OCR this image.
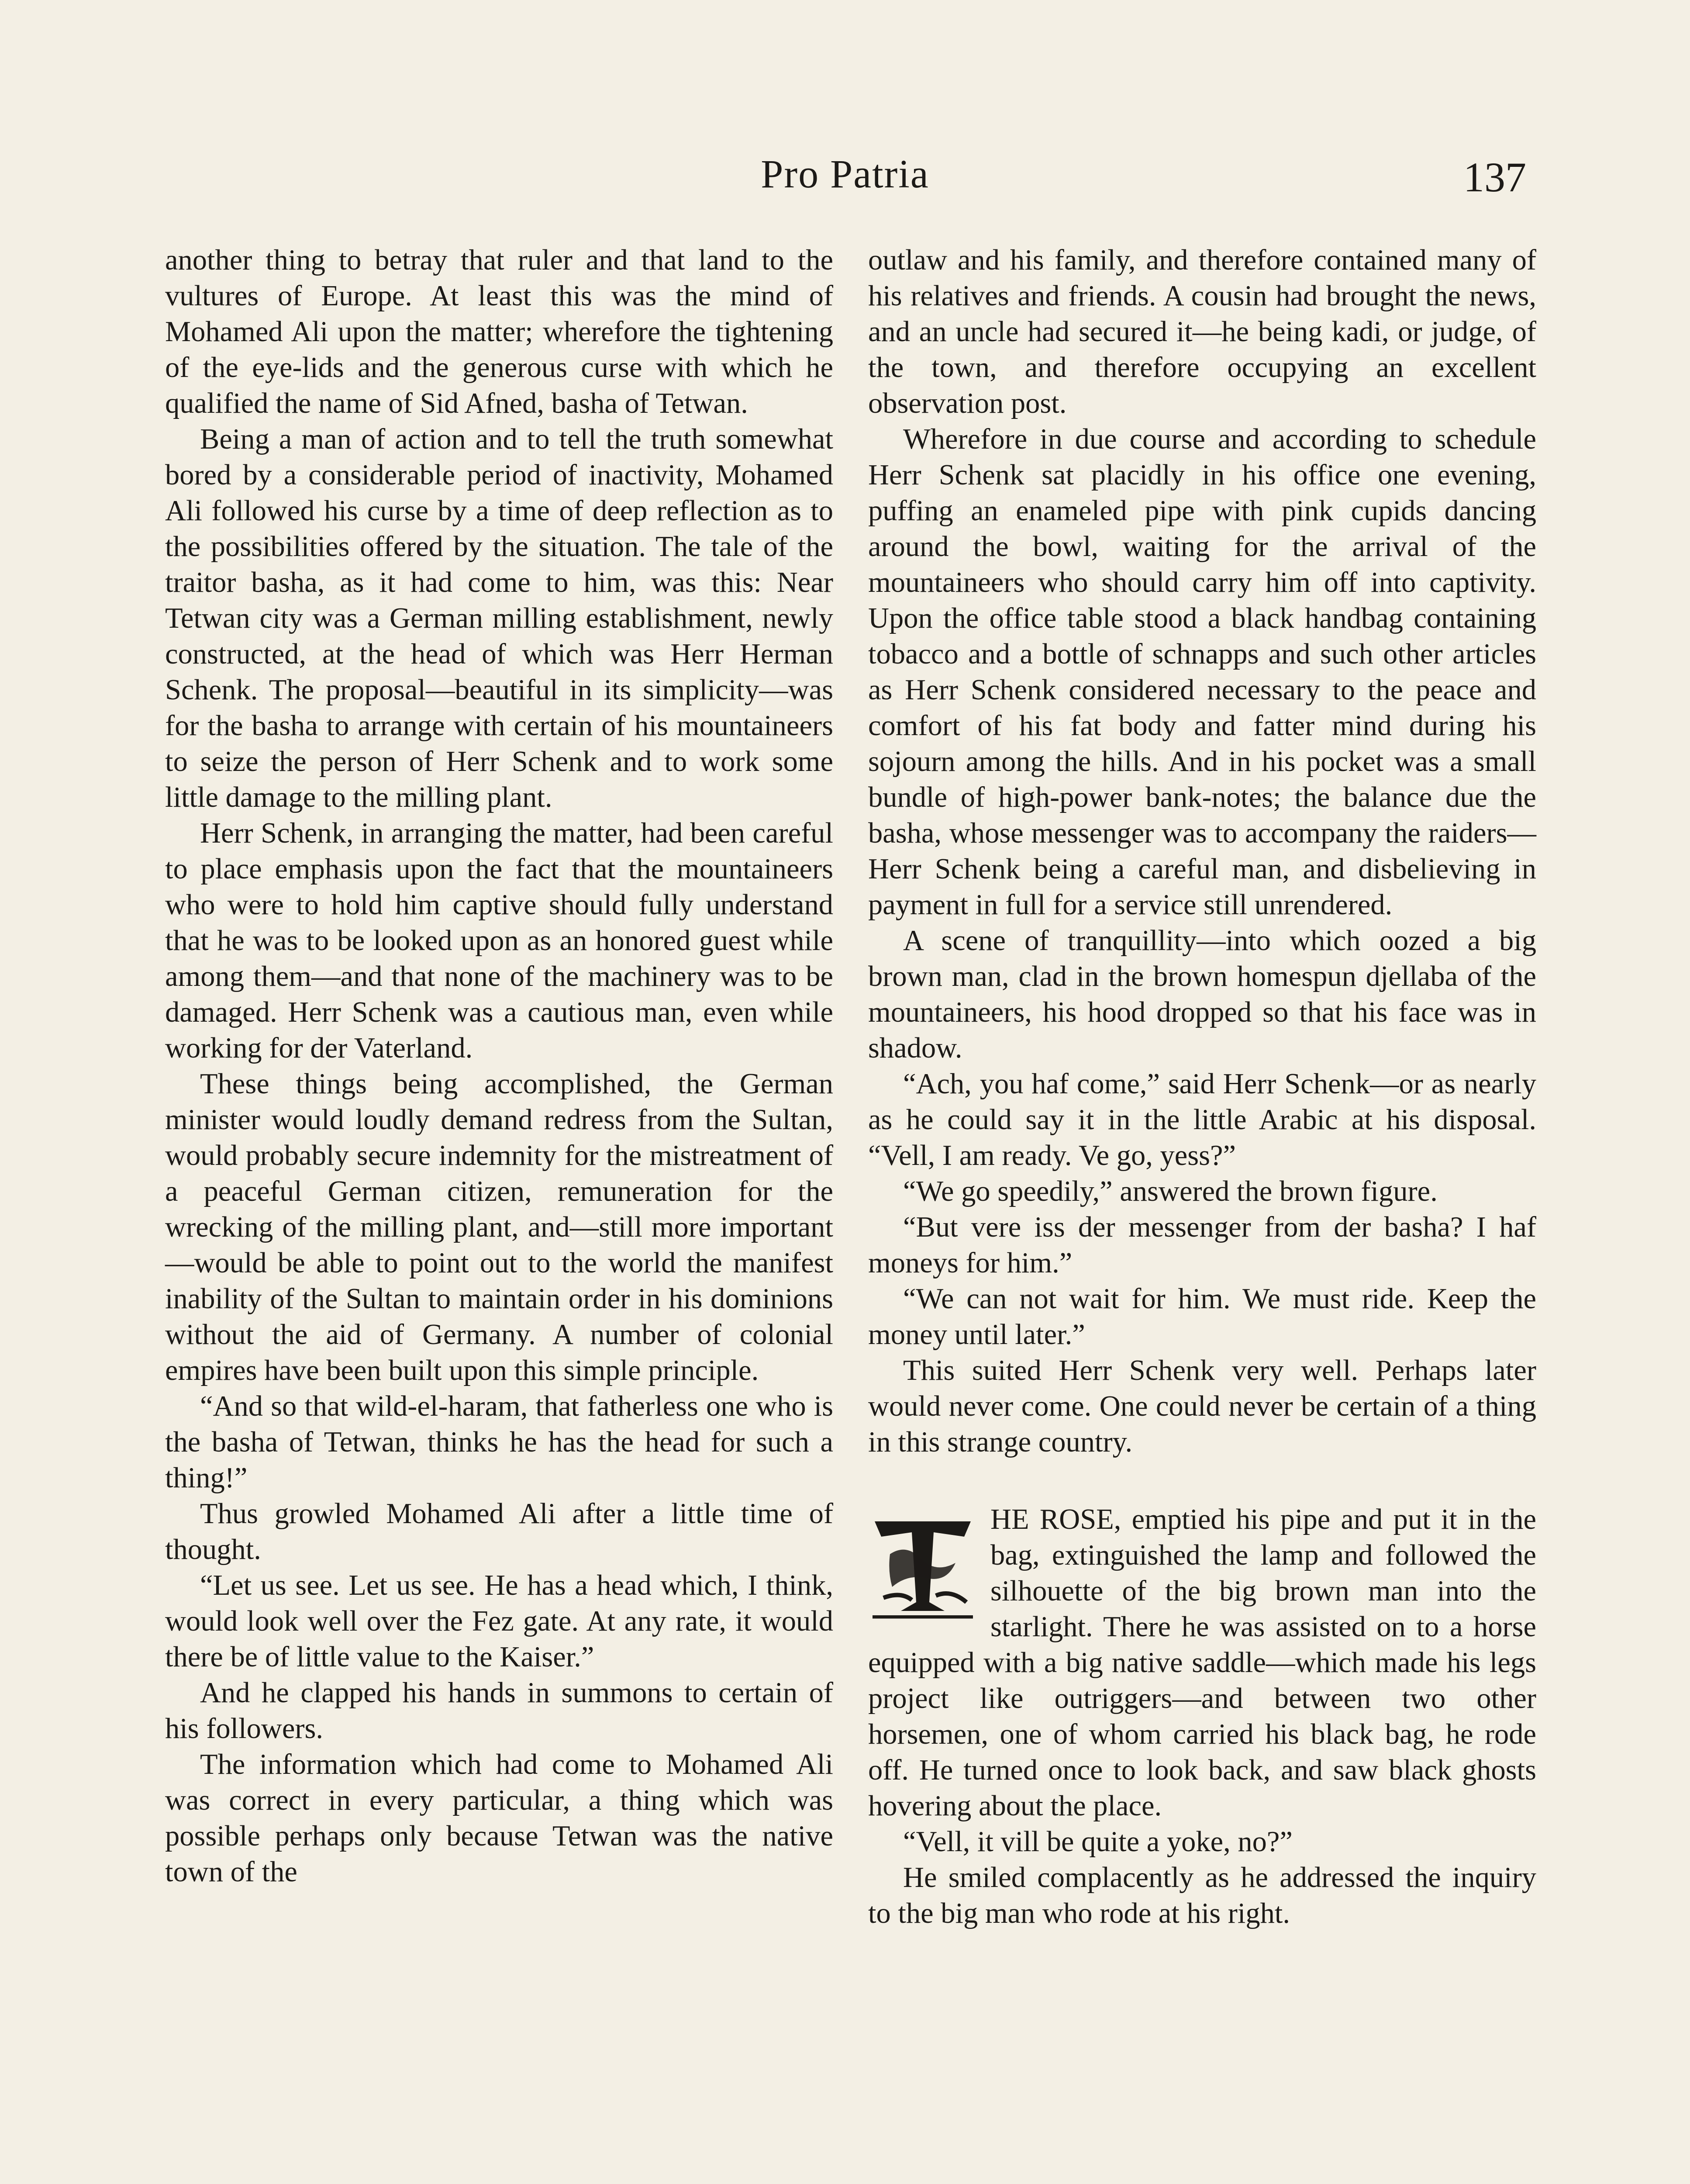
Pro Patria	137

another thing to betray that ruler and that land to the vultures of Europe. At least this was the mind of Mohamed Ali upon the matter; wherefore the tightening of the eye-lids and the generous curse with which he qualified the name of Sid Afned, basha of Tetwan.

Being a man of action and to tell the truth somewhat bored by a considerable period of inactivity, Mohamed Ali followed his curse by a time of deep reflection as to the possibilities offered by the situation. The tale of the traitor basha, as it had come to him, was this: Near Tetwan city was a German milling establishment, newly constructed, at the head of which was Herr Herman Schenk. The proposal—beautiful in its simplicity—was for the basha to arrange with certain of his mountaineers to seize the person of Herr Schenk and to work some little damage to the milling plant.

Herr Schenk, in arranging the matter, had been careful to place emphasis upon the fact that the mountaineers who were to hold him captive should fully understand that he was to be looked upon as an honored guest while among them—and that none of the machinery was to be damaged. Herr Schenk was a cautious man, even while working for der Vaterland.

These things being accomplished, the German minister would loudly demand redress from the Sultan, would probably secure indemnity for the mistreatment of a peaceful German citizen, remuneration for the wrecking of the milling plant, and—still more important—would be able to point out to the world the manifest inability of the Sultan to maintain order in his dominions without the aid of Germany. A number of colonial empires have been built upon this simple principle.

“And so that wild-el-haram, that fatherless one who is the basha of Tetwan, thinks he has the head for such a thing!”

Thus growled Mohamed Ali after a little time of thought.

“Let us see. Let us see. He has a head which, I think, would look well over the Fez gate. At any rate, it would there be of little value to the Kaiser.”

And he clapped his hands in summons to certain of his followers.

The information which had come to Mohamed Ali was correct in every particular, a thing which was possible perhaps only because Tetwan was the native town of the

outlaw and his family, and therefore contained many of his relatives and friends. A cousin had brought the news, and an uncle had secured it—he being kadi, or judge, of the town, and therefore occupying an excellent observation post.

Wherefore in due course and according to schedule Herr Schenk sat placidly in his office one evening, puffing an enameled pipe with pink cupids dancing around the bowl, waiting for the arrival of the mountaineers who should carry him off into captivity. Upon the office table stood a black handbag containing tobacco and a bottle of schnapps and such other articles as Herr Schenk considered necessary to the peace and comfort of his fat body and fatter mind during his sojourn among the hills. And in his pocket was a small bundle of high-power bank-notes; the balance due the basha, whose messenger was to accompany the raiders—Herr Schenk being a careful man, and disbelieving in payment in full for a service still unrendered.

A scene of tranquillity—into which oozed a big brown man, clad in the brown homespun djellaba of the mountaineers, his hood dropped so that his face was in shadow.

“Ach, you haf come,” said Herr Schenk—or as nearly as he could say it in the little Arabic at his disposal. “Vell, I am ready. Ve go, yess?”

“We go speedily,” answered the brown figure.

“But vere iss der messenger from der basha? I haf moneys for him.”

“We can not wait for him. We must ride. Keep the money until later.”

This suited Herr Schenk very well. Perhaps later would never come. One could never be certain of a thing in this strange country.

HE ROSE, emptied his pipe and put it in the bag, extinguished the lamp and followed the silhouette of the big brown man into the starlight. There he was assisted on to a horse equipped with a big native saddle—which made his legs project like outriggers—and between two other horsemen, one of whom carried his black bag, he rode off. He turned once to look back, and saw black ghosts hovering about the place.

“Vell, it vill be quite a yoke, no?”

He smiled complacently as he addressed the inquiry to the big man who rode at his right.
